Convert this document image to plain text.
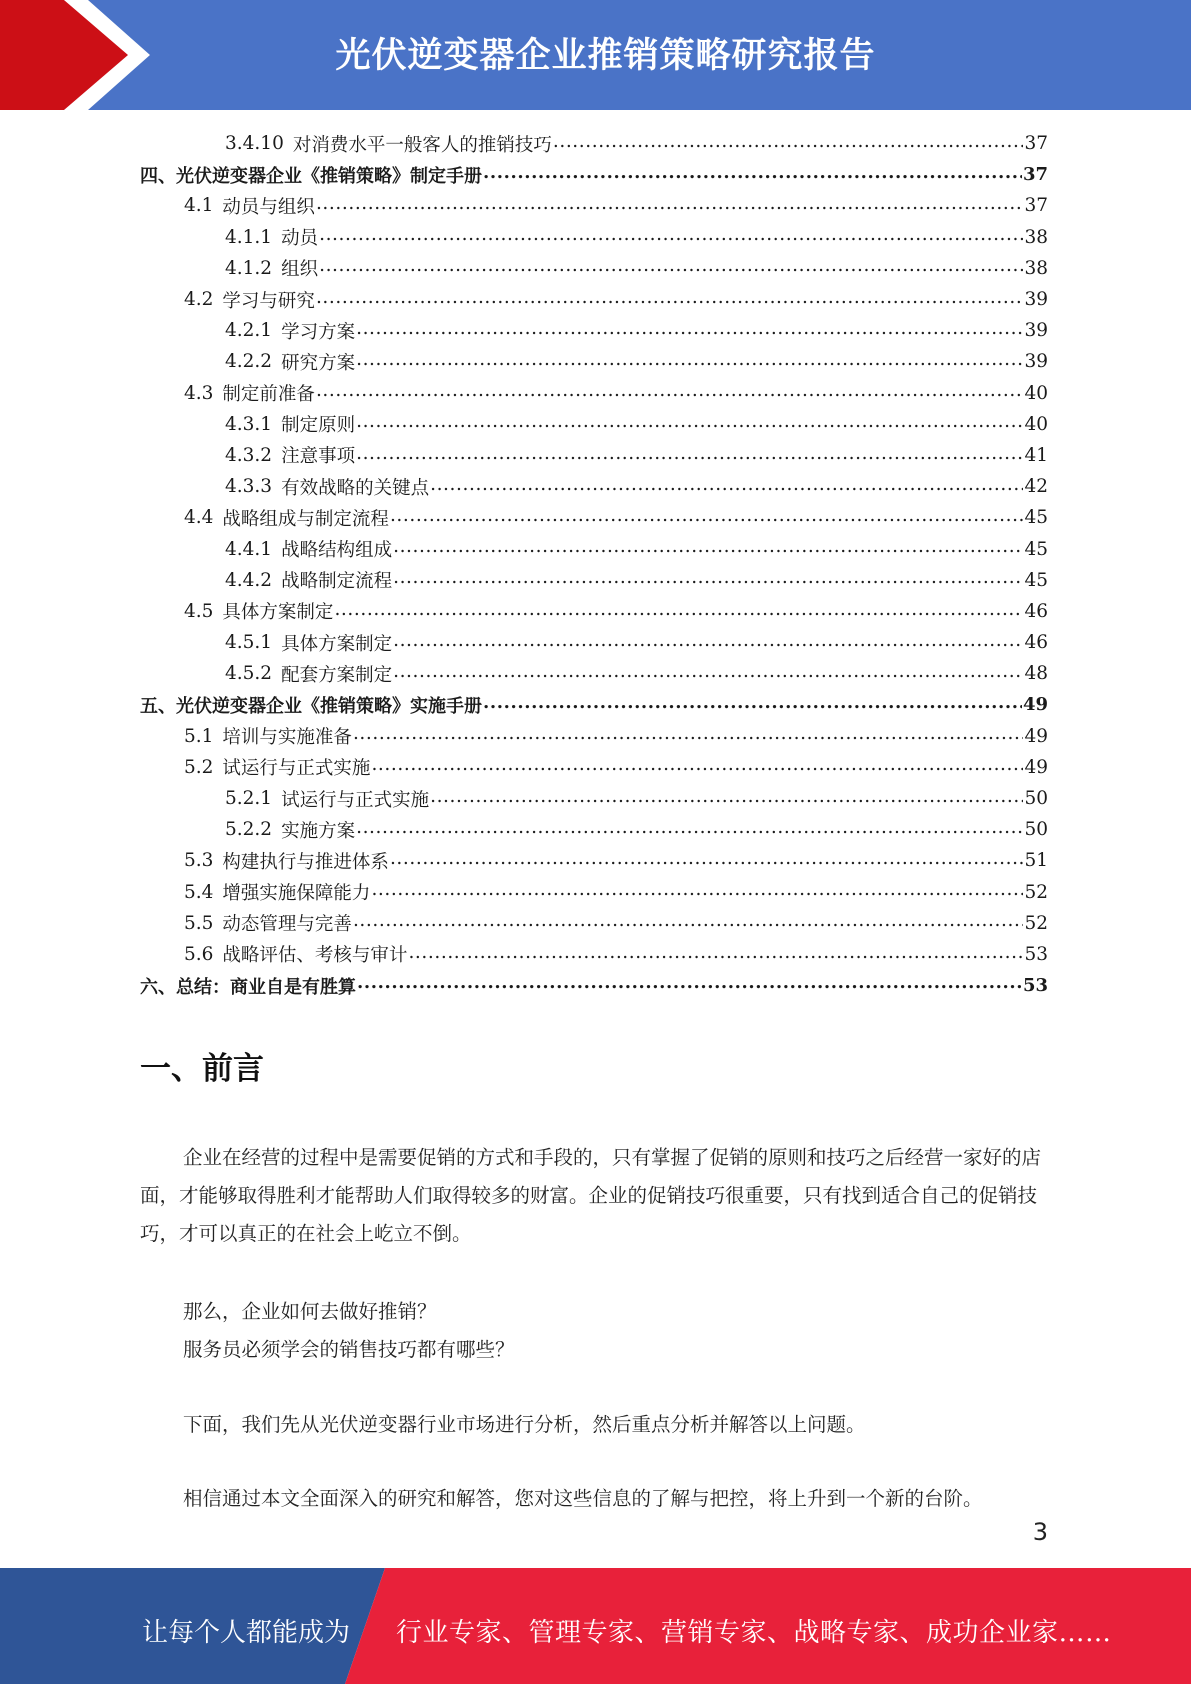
光伏逆变器企业推销策略研究报告
3.4.10 对消费水平一般客人的推销技巧 .....	37
四、光伏逆变器企业《推销策略》制定手册 .....	37
4.1 动员与组织 .....	37
4.1.1 动员 .....	38
4.1.2 组织 .....	38
4.2 学习与研究 .....	39
4.2.1 学习方案 .....	39
4.2.2 研究方案 .....	39
4.3 制定前准备 .....	40
4.3.1 制定原则 .....	40
4.3.2 注意事项 .....	41
4.3.3 有效战略的关键点 .....	42
4.4 战略组成与制定流程 .....	45
4.4.1 战略结构组成 .....	45
4.4.2 战略制定流程 .....	45
4.5 具体方案制定 .....	46
4.5.1 具体方案制定 .....	46
4.5.2 配套方案制定 .....	48
五、光伏逆变器企业《推销策略》实施手册 .....	49
5.1 培训与实施准备 .....	49
5.2 试运行与正式实施 .....	49
5.2.1 试运行与正式实施 .....	50
5.2.2 实施方案 .....	50
5.3 构建执行与推进体系 .....	51
5.4 增强实施保障能力 .....	52
5.5 动态管理与完善 .....	52
5.6 战略评估、考核与审计 .....	53
六、总结：商业自是有胜算 .....	53
一、前言

企业在经营的过程中是需要促销的方式和手段的，只有掌握了促销的原则和技巧之后经营一家好的店面，才能够取得胜利才能帮助人们取得较多的财富。企业的促销技巧很重要，只有找到适合自己的促销技巧，才可以真正的在社会上屹立不倒。

那么，企业如何去做好推销？

服务员必须学会的销售技巧都有哪些？

下面，我们先从光伏逆变器行业市场进行分析，然后重点分析并解答以上问题。

相信通过本文全面深入的研究和解答，您对这些信息的了解与把控，将上升到一个新的台阶。

3
让每个人都能成为 行业专家、管理专家、营销专家、战略专家、成功企业家……
